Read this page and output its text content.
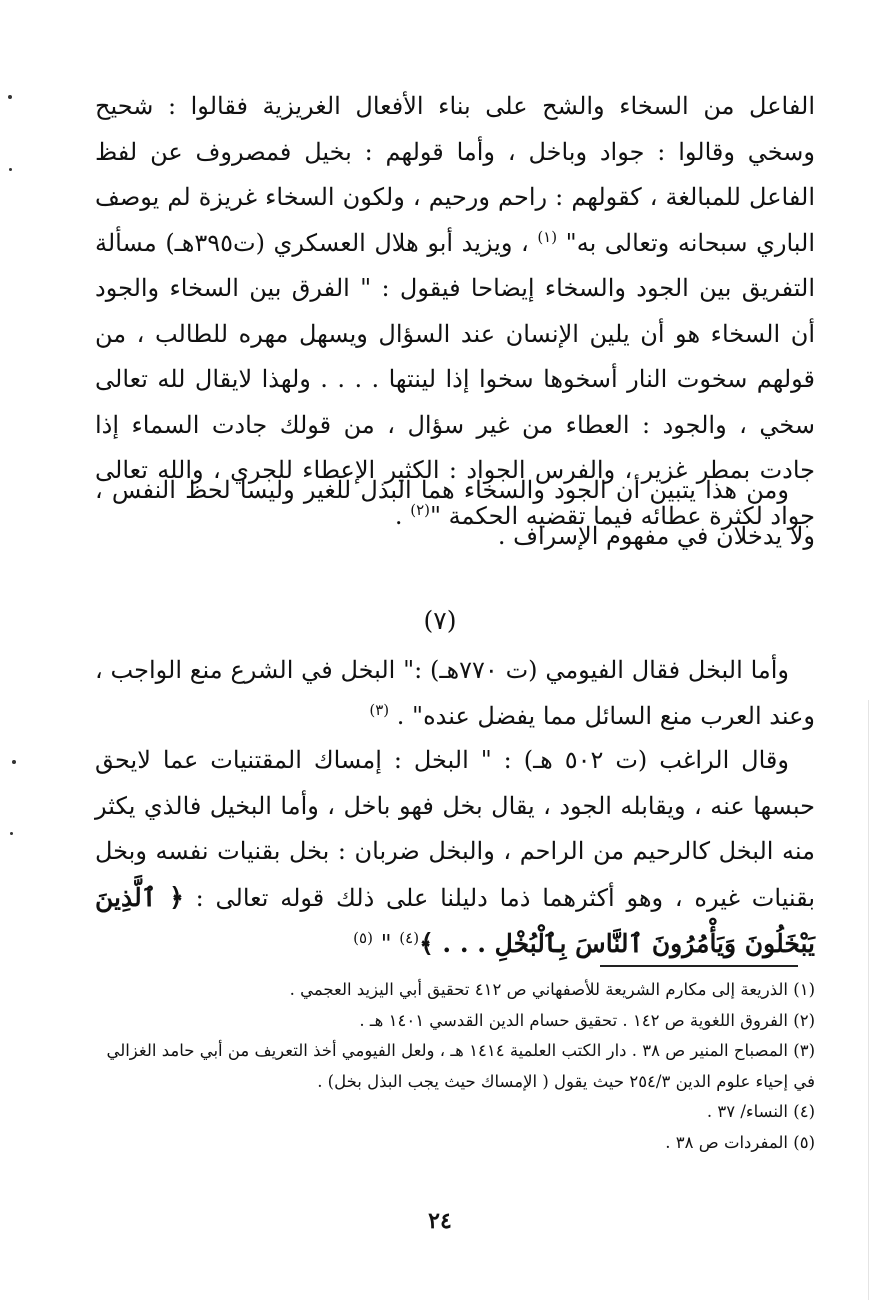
الفاعل من السخاء والشح على بناء الأفعال الغريزية فقالوا : شحيح وسخي وقالوا : جواد وباخل ، وأما قولهم : بخيل فمصروف عن لفظ الفاعل للمبالغة ، كقولهم : راحم ورحيم ، ولكون السخاء غريزة لم يوصف الباري سبحانه وتعالى به" $^{(١)}$ ، ويزيد أبو هلال العسكري (ت٣٩٥هـ) مسألة التفريق بين الجود والسخاء إيضاحا فيقول : " الفرق بين السخاء والجود أن السخاء هو أن يلين الإنسان عند السؤال ويسهل مهره للطالب ، من قولهم سخوت النار أسخوها سخوا إذا لينتها . . . . ولهذا لايقال لله تعالى سخي ، والجود : العطاء من غير سؤال ، من قولك جادت السماء إذا جادت بمطر غزير ، والفرس الجواد : الكثير الإعطاء للجري ، والله تعالى جواد لكثرة عطائه فيما تقضيه الحكمة "$^{(٢)}$ .
ومن هذا يتبين أن الجود والسخاء هما البذل للغير وليسا لحظ النفس ، ولا يدخلان في مفهوم الإسراف .
(٧)
وأما البخل فقال الفيومي (ت ٧٧٠هـ) :" البخل في الشرع منع الواجب ، وعند العرب منع السائل مما يفضل عنده" . $^{(٣)}$
وقال الراغب (ت ٥٠٢ هـ) : " البخل : إمساك المقتنيات عما لايحق حبسها عنه ، ويقابله الجود ، يقال بخل فهو باخل ، وأما البخيل فالذي يكثر منه البخل كالرحيم من الراحم ، والبخل ضربان : بخل بقنيات نفسه وبخل بقنيات غيره ، وهو أكثرهما ذما دليلنا على ذلك قوله تعالى : ﴿ ٱلَّذِينَ يَبْخَلُونَ وَيَأْمُرُونَ ٱلنَّاسَ بِٱلْبُخْلِ . . . ﴾$^{(٤)}$ " $^{(٥)}$

(١) الذريعة إلى مكارم الشريعة للأصفهاني ص ٤١٢ تحقيق أبي اليزيد العجمي .

(٢) الفروق اللغوية ص ١٤٢ . تحقيق حسام الدين القدسي ١٤٠١ هـ .

(٣) المصباح المنير ص ٣٨ . دار الكتب العلمية ١٤١٤ هـ ، ولعل الفيومي أخذ التعريف من أبي حامد الغزالي في إحياء علوم الدين ٢٥٤/٣ حيث يقول ( الإمساك حيث يجب البذل بخل) .

(٤) النساء/ ٣٧ .

(٥) المفردات ص ٣٨ .

٢٤
